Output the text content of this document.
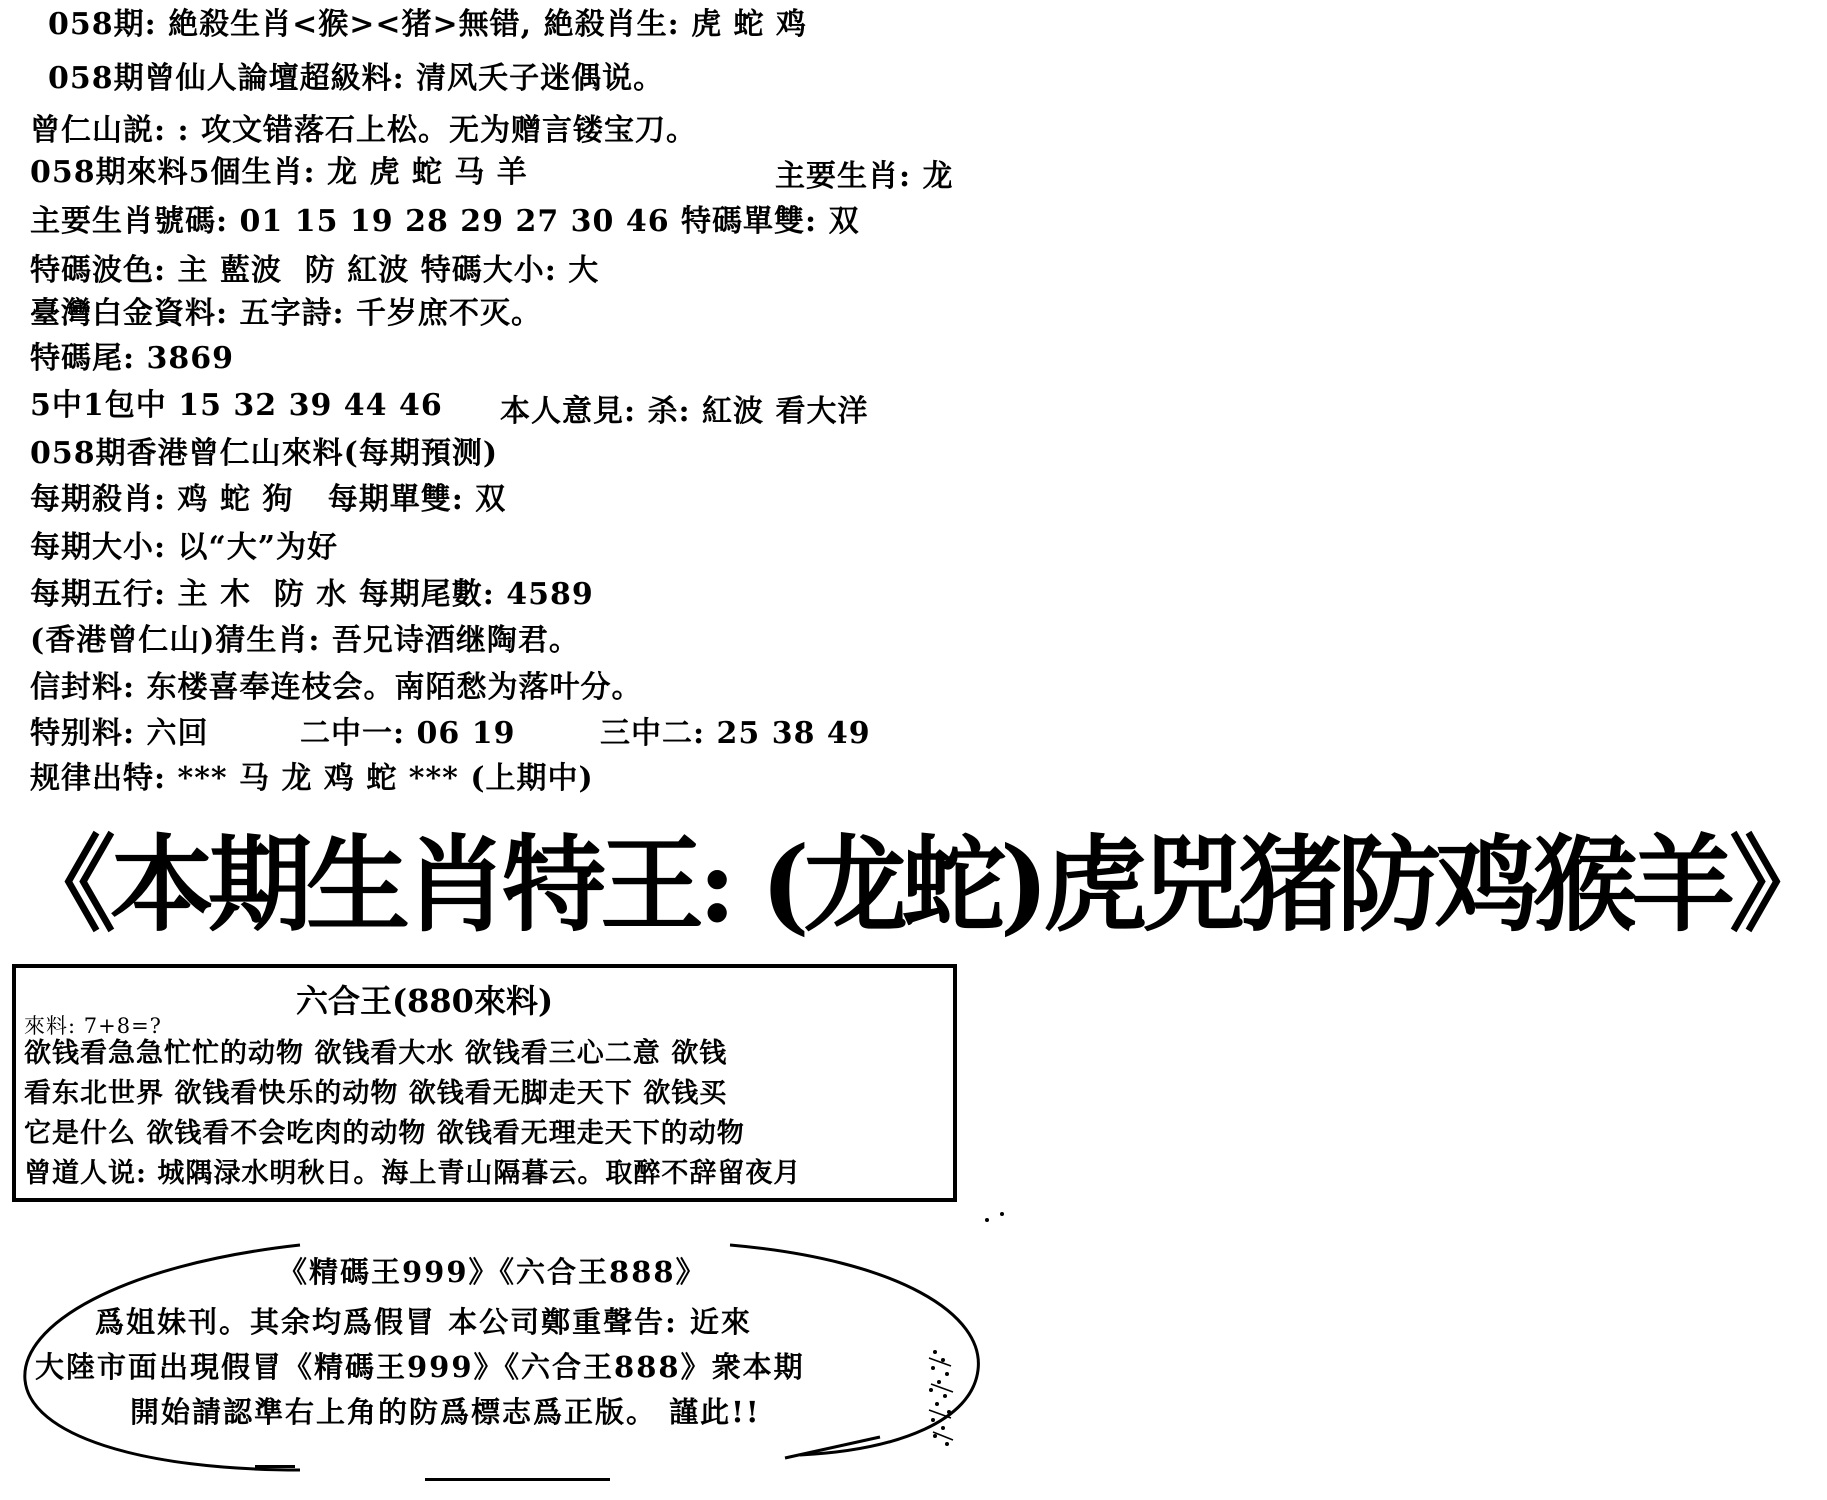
058期: 絶殺生肖<猴><猪>無错, 絶殺肖生: 虎 蛇 鸡
058期曾仙人論壇超級料: 清风夭子迷偶说。
曾仁山説: : 攻文错落石上松。无为赠言镂宝刀。
058期來料5個生肖: 龙 虎 蛇 马 羊	主要生肖: 龙
主要生肖號碼: 01 15 19 28 29 27 30 46 特碼單雙: 双
特碼波色: 主 藍波  防 紅波 特碼大小: 大
臺灣白金資料: 五字詩: 千岁庶不灭。
特碼尾: 3869
5中1包中 15 32 39 44 46 本人意見: 杀: 紅波 看大洋
058期香港曾仁山來料(每期預测)
每期殺肖: 鸡 蛇 狗   每期單雙: 双
每期大小: 以“大”为好
每期五行: 主 木  防 水 每期尾數: 4589
(香港曾仁山)猜生肖: 吾兄诗酒继陶君。
信封料: 东楼喜奉连枝会。南陌愁为落叶分。
特别料: 六回	二中一: 06 19	三中二: 25 38 49
规律出特: *** 马 龙 鸡 蛇 *** (上期中)
《本期生肖特王: (龙蛇)虎兕猪防鸡猴羊》
六合王(880來料)
來料: 7+8=?
欲钱看急急忙忙的动物 欲钱看大水 欲钱看三心二意 欲钱
看东北世界 欲钱看快乐的动物 欲钱看无脚走天下 欲钱买
它是什么 欲钱看不会吃肉的动物 欲钱看无理走天下的动物
曾道人说: 城隅渌水明秋日。海上青山隔暮云。取醉不辞留夜月
《精碼王999》《六合王888》
爲姐妹刊。其余均爲假冒 本公司鄭重聲告: 近來
大陸市面出現假冒《精碼王999》《六合王888》衆本期
開始請認準右上角的防爲標志爲正版。 謹此!!
